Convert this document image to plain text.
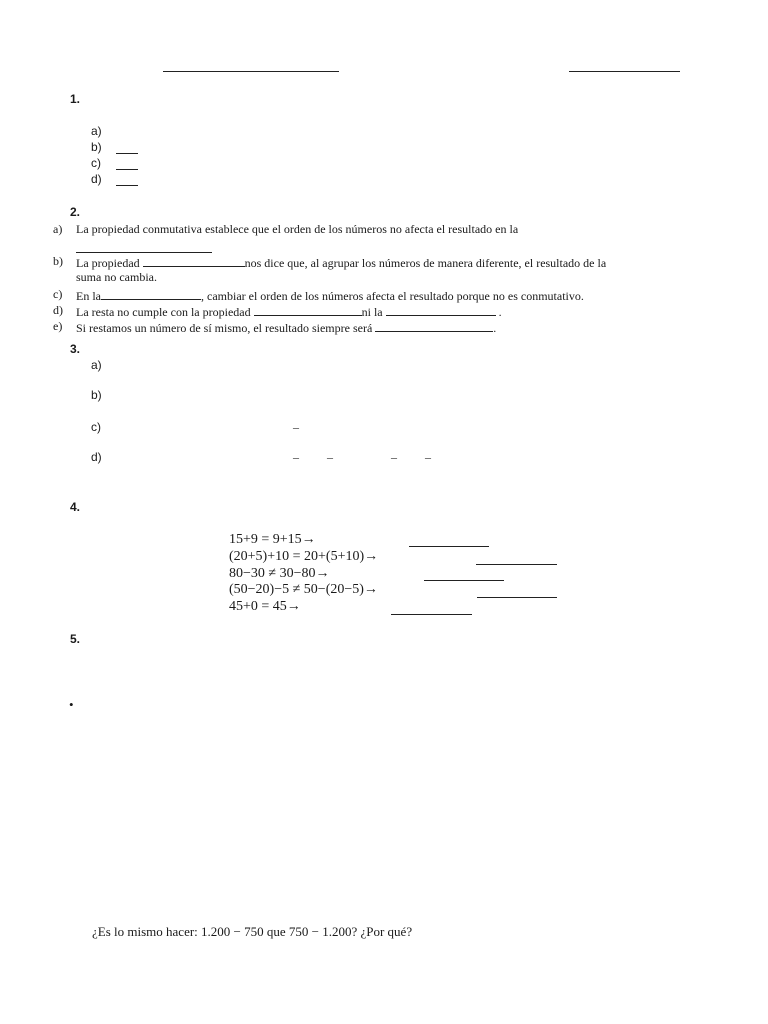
1.
a)
b)
c)
d)
2.
a) La propiedad conmutativa establece que el orden de los números no afecta el resultado en la
b) La propiedad	nos dice que, al agrupar los números de manera diferente, el resultado de la
suma no cambia.
c) En la	, cambiar el orden de los números afecta el resultado porque no es conmutativo.
d) La resta no cumple con la propiedad	ni la	.
e) Si restamos un número de sí mismo, el resultado siempre será	.
3.
a)
b)
c)	–
d)	– –	– –
4.
15+9 = 9+15→
(20+5)+10 = 20+(5+10)→
80−30 ≠ 30−80→
(50−20)−5 ≠ 50−(20−5)→
45+0 = 45→
5.
•
¿Es lo mismo hacer: 1.200 − 750 que 750 − 1.200? ¿Por qué?
